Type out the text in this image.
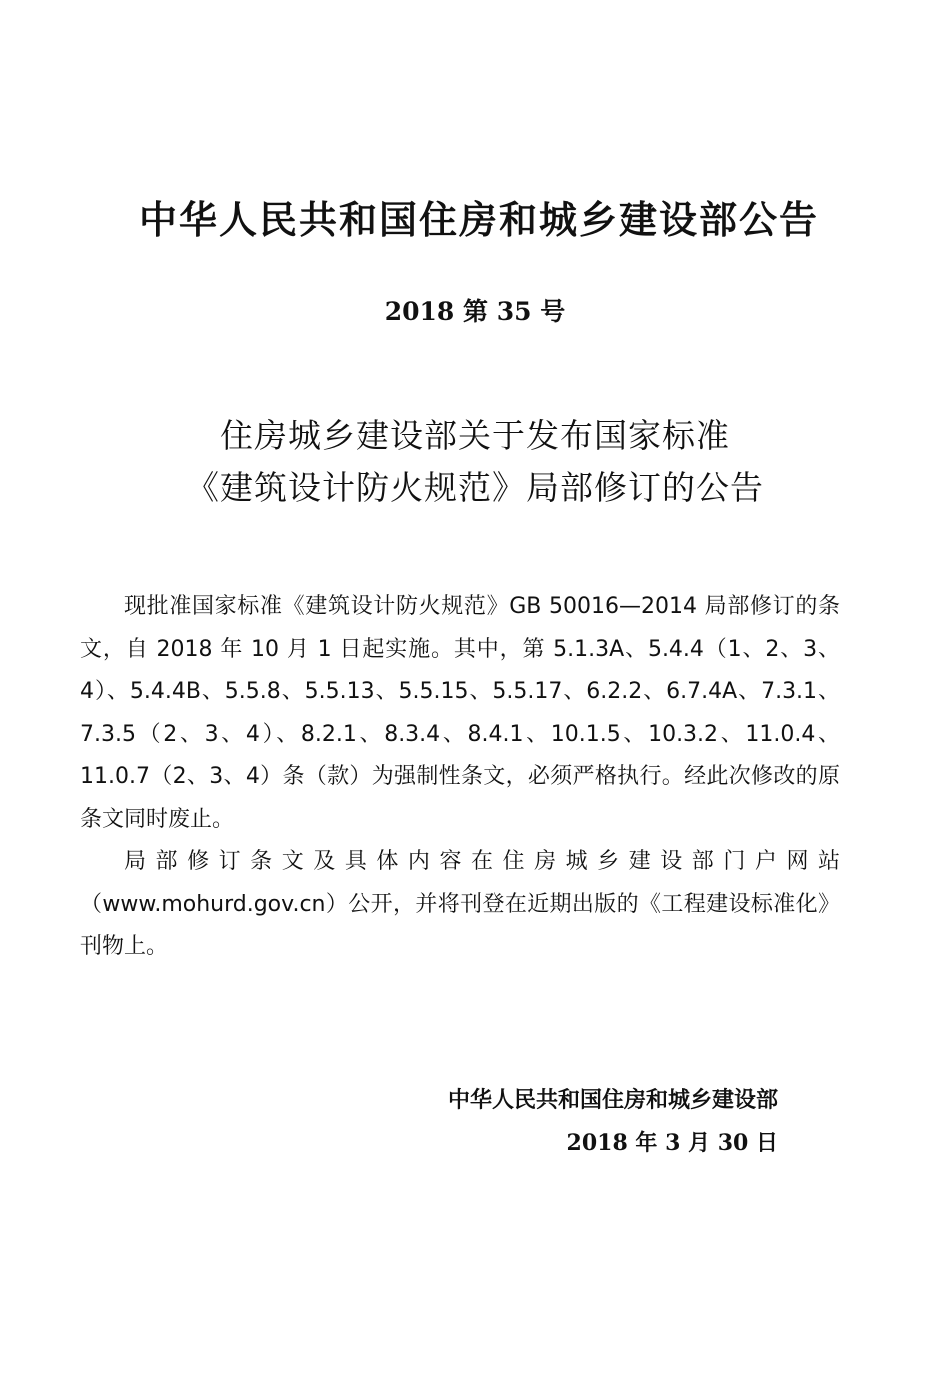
中华人民共和国住房和城乡建设部公告
2018 第 35 号
住房城乡建设部关于发布国家标准
《建筑设计防火规范》局部修订的公告

现批准国家标准《建筑设计防火规范》GB 50016—2014 局部修订的条文，自 2018 年 10 月 1 日起实施。其中，第 5.1.3A、5.4.4（1、2、3、4）、5.4.4B、5.5.8、5.5.13、5.5.15、5.5.17、6.2.2、6.7.4A、7.3.1、7.3.5（2、3、4）、8.2.1、8.3.4、8.4.1、10.1.5、10.3.2、11.0.4、11.0.7（2、3、4）条（款）为强制性条文，必须严格执行。经此次修改的原条文同时废止。

局部修订条文及具体内容在住房城乡建设部门户网站（www.mohurd.gov.cn）公开，并将刊登在近期出版的《工程建设标准化》刊物上。

中华人民共和国住房和城乡建设部
2018 年 3 月 30 日
